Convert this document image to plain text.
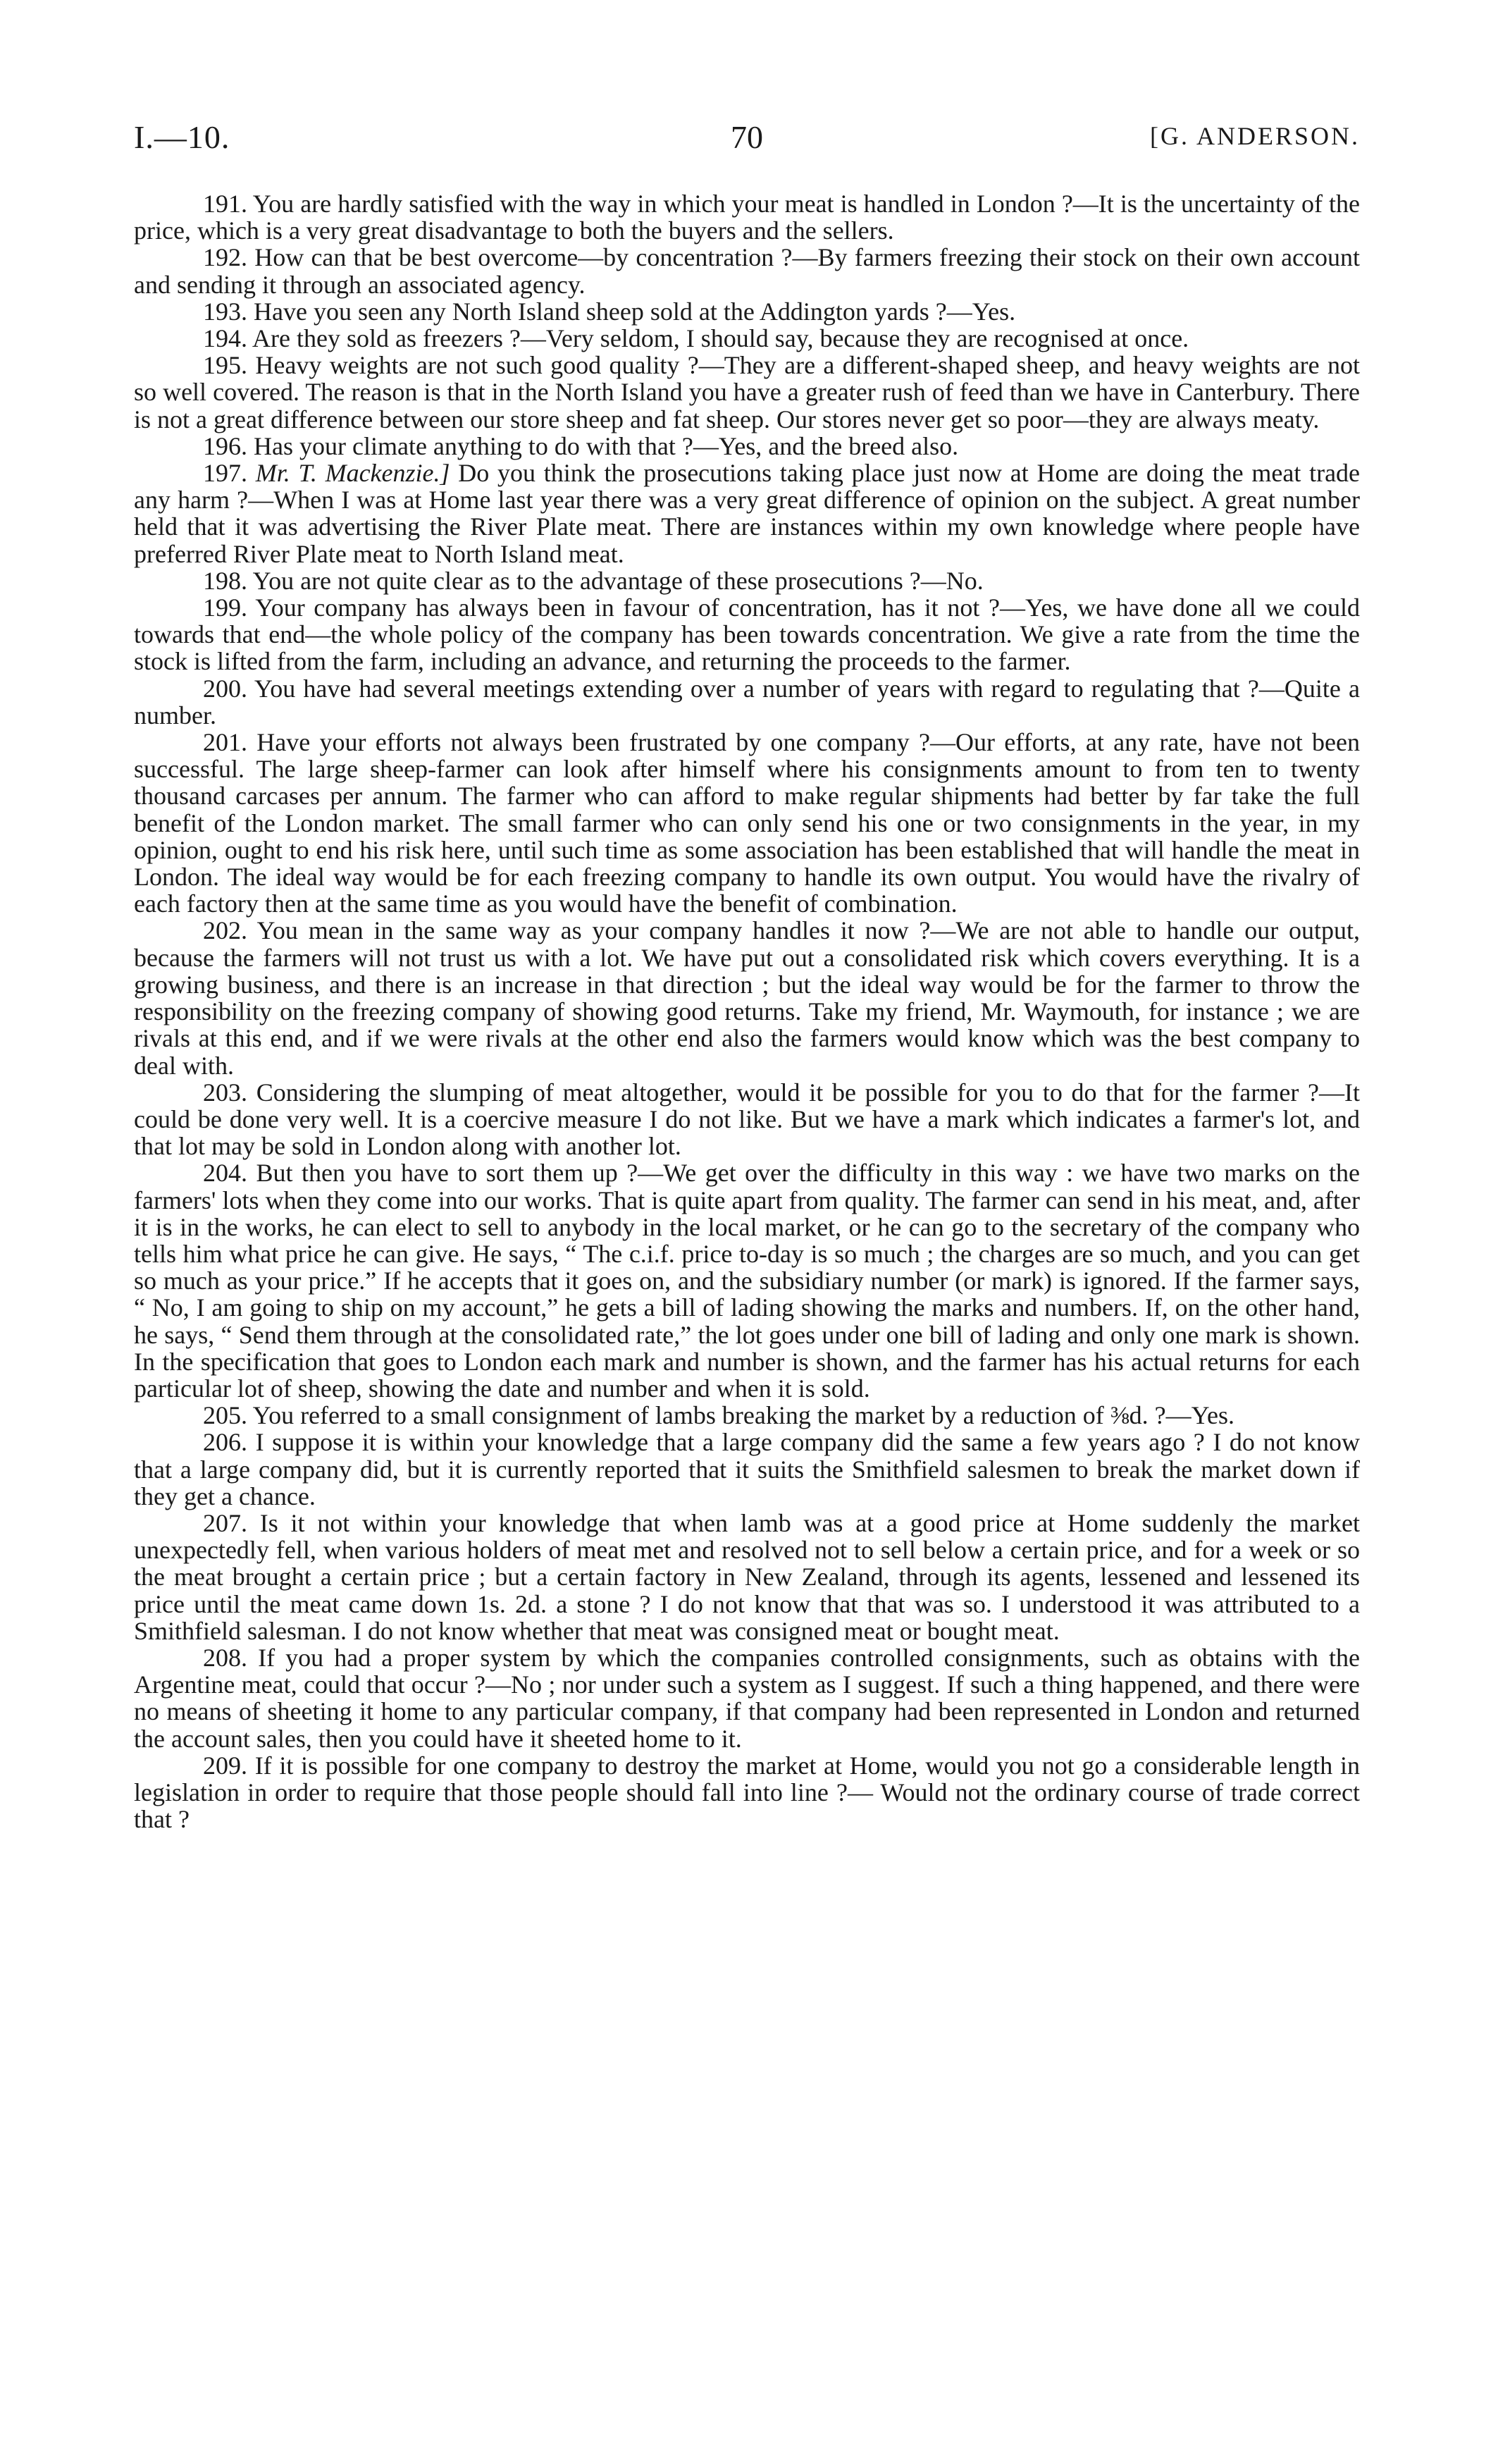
I.—10.	70	[G. ANDERSON.

191. You are hardly satisfied with the way in which your meat is handled in London ?—It is the uncertainty of the price, which is a very great disadvantage to both the buyers and the sellers.

192. How can that be best overcome—by concentration ?—By farmers freezing their stock on their own account and sending it through an associated agency.

193. Have you seen any North Island sheep sold at the Addington yards ?—Yes.

194. Are they sold as freezers ?—Very seldom, I should say, because they are recognised at once.

195. Heavy weights are not such good quality ?—They are a different-shaped sheep, and heavy weights are not so well covered. The reason is that in the North Island you have a greater rush of feed than we have in Canterbury. There is not a great difference between our store sheep and fat sheep. Our stores never get so poor—they are always meaty.

196. Has your climate anything to do with that ?—Yes, and the breed also.

197. Mr. T. Mackenzie.] Do you think the prosecutions taking place just now at Home are doing the meat trade any harm ?—When I was at Home last year there was a very great difference of opinion on the subject. A great number held that it was advertising the River Plate meat. There are instances within my own knowledge where people have preferred River Plate meat to North Island meat.

198. You are not quite clear as to the advantage of these prosecutions ?—No.

199. Your company has always been in favour of concentration, has it not ?—Yes, we have done all we could towards that end—the whole policy of the company has been towards concentration. We give a rate from the time the stock is lifted from the farm, including an advance, and returning the proceeds to the farmer.

200. You have had several meetings extending over a number of years with regard to regulating that ?—Quite a number.

201. Have your efforts not always been frustrated by one company ?—Our efforts, at any rate, have not been successful. The large sheep-farmer can look after himself where his consignments amount to from ten to twenty thousand carcases per annum. The farmer who can afford to make regular shipments had better by far take the full benefit of the London market. The small farmer who can only send his one or two consignments in the year, in my opinion, ought to end his risk here, until such time as some association has been established that will handle the meat in London. The ideal way would be for each freezing company to handle its own output. You would have the rivalry of each factory then at the same time as you would have the benefit of combination.

202. You mean in the same way as your company handles it now ?—We are not able to handle our output, because the farmers will not trust us with a lot. We have put out a consolidated risk which covers everything. It is a growing business, and there is an increase in that direction ; but the ideal way would be for the farmer to throw the responsibility on the freezing company of showing good returns. Take my friend, Mr. Waymouth, for instance ; we are rivals at this end, and if we were rivals at the other end also the farmers would know which was the best company to deal with.

203. Considering the slumping of meat altogether, would it be possible for you to do that for the farmer ?—It could be done very well. It is a coercive measure I do not like. But we have a mark which indicates a farmer's lot, and that lot may be sold in London along with another lot.

204. But then you have to sort them up ?—We get over the difficulty in this way : we have two marks on the farmers' lots when they come into our works. That is quite apart from quality. The farmer can send in his meat, and, after it is in the works, he can elect to sell to anybody in the local market, or he can go to the secretary of the company who tells him what price he can give. He says, “ The c.i.f. price to-day is so much ; the charges are so much, and you can get so much as your price.” If he accepts that it goes on, and the subsidiary number (or mark) is ignored. If the farmer says, “ No, I am going to ship on my account,” he gets a bill of lading showing the marks and numbers. If, on the other hand, he says, “ Send them through at the consolidated rate,” the lot goes under one bill of lading and only one mark is shown. In the specification that goes to London each mark and number is shown, and the farmer has his actual returns for each particular lot of sheep, showing the date and number and when it is sold.

205. You referred to a small consignment of lambs breaking the market by a reduction of ⅜d. ?—Yes.

206. I suppose it is within your knowledge that a large company did the same a few years ago ? I do not know that a large company did, but it is currently reported that it suits the Smithfield salesmen to break the market down if they get a chance.

207. Is it not within your knowledge that when lamb was at a good price at Home suddenly the market unexpectedly fell, when various holders of meat met and resolved not to sell below a certain price, and for a week or so the meat brought a certain price ; but a certain factory in New Zealand, through its agents, lessened and lessened its price until the meat came down 1s. 2d. a stone ? I do not know that that was so. I understood it was attributed to a Smithfield salesman. I do not know whether that meat was consigned meat or bought meat.

208. If you had a proper system by which the companies controlled consignments, such as obtains with the Argentine meat, could that occur ?—No ; nor under such a system as I suggest. If such a thing happened, and there were no means of sheeting it home to any particular company, if that company had been represented in London and returned the account sales, then you could have it sheeted home to it.

209. If it is possible for one company to destroy the market at Home, would you not go a considerable length in legislation in order to require that those people should fall into line ?— Would not the ordinary course of trade correct that ?
